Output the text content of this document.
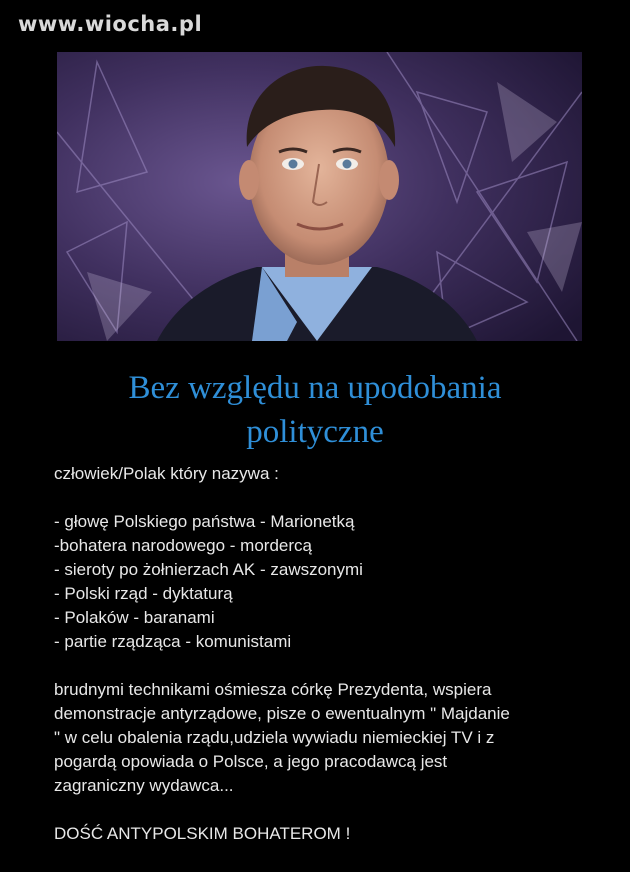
www.wiocha.pl
Bez względu na upodobania
polityczne

człowiek/Polak który nazywa :

- głowę Polskiego państwa - Marionetką

-bohatera narodowego - mordercą

- sieroty po żołnierzach AK - zawszonymi

- Polski rząd - dyktaturą

- Polaków - baranami

- partie rządząca - komunistami

brudnymi technikami ośmiesza córkę Prezydenta, wspiera

demonstracje antyrządowe, pisze o ewentualnym " Majdanie

" w celu obalenia rządu,udziela wywiadu niemieckiej TV i z

pogardą opowiada o Polsce, a jego pracodawcą jest

zagraniczny wydawca...

DOŚĆ ANTYPOLSKIM BOHATEROM !
